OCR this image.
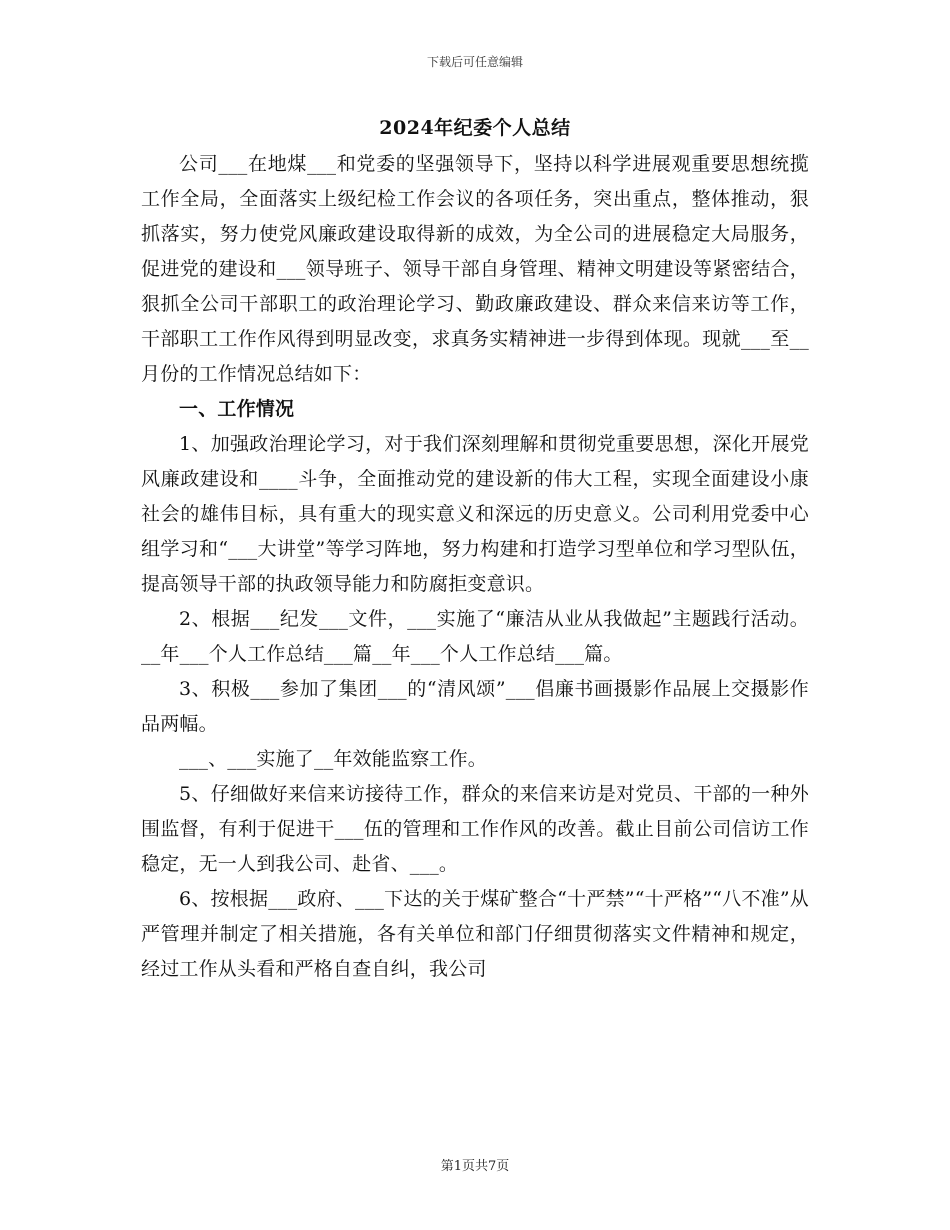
下载后可任意编辑
2024年纪委个人总结

公司___在地煤___和党委的坚强领导下，坚持以科学进展观重要思想统揽工作全局，全面落实上级纪检工作会议的各项任务，突出重点，整体推动，狠抓落实，努力使党风廉政建设取得新的成效，为全公司的进展稳定大局服务，促进党的建设和___领导班子、领导干部自身管理、精神文明建设等紧密结合，狠抓全公司干部职工的政治理论学习、勤政廉政建设、群众来信来访等工作，干部职工工作作风得到明显改变，求真务实精神进一步得到体现。现就___至__月份的工作情况总结如下：

一、工作情况

1、加强政治理论学习，对于我们深刻理解和贯彻党重要思想，深化开展党风廉政建设和____斗争，全面推动党的建设新的伟大工程，实现全面建设小康社会的雄伟目标，具有重大的现实意义和深远的历史意义。公司利用党委中心组学习和“___大讲堂”等学习阵地，努力构建和打造学习型单位和学习型队伍，提高领导干部的执政领导能力和防腐拒变意识。

2、根据___纪发___文件，___实施了“廉洁从业从我做起”主题践行活动。__年___个人工作总结___篇__年___个人工作总结___篇。

3、积极___参加了集团___的“清风颂”___倡廉书画摄影作品展上交摄影作品两幅。

___、___实施了__年效能监察工作。

5、仔细做好来信来访接待工作，群众的来信来访是对党员、干部的一种外围监督，有利于促进干___伍的管理和工作作风的改善。截止目前公司信访工作稳定，无一人到我公司、赴省、___。

6、按根据___政府、___下达的关于煤矿整合“十严禁”“十严格”“八不准”从严管理并制定了相关措施，各有关单位和部门仔细贯彻落实文件精神和规定，经过工作从头看和严格自查自纠，我公司

第1页共7页
